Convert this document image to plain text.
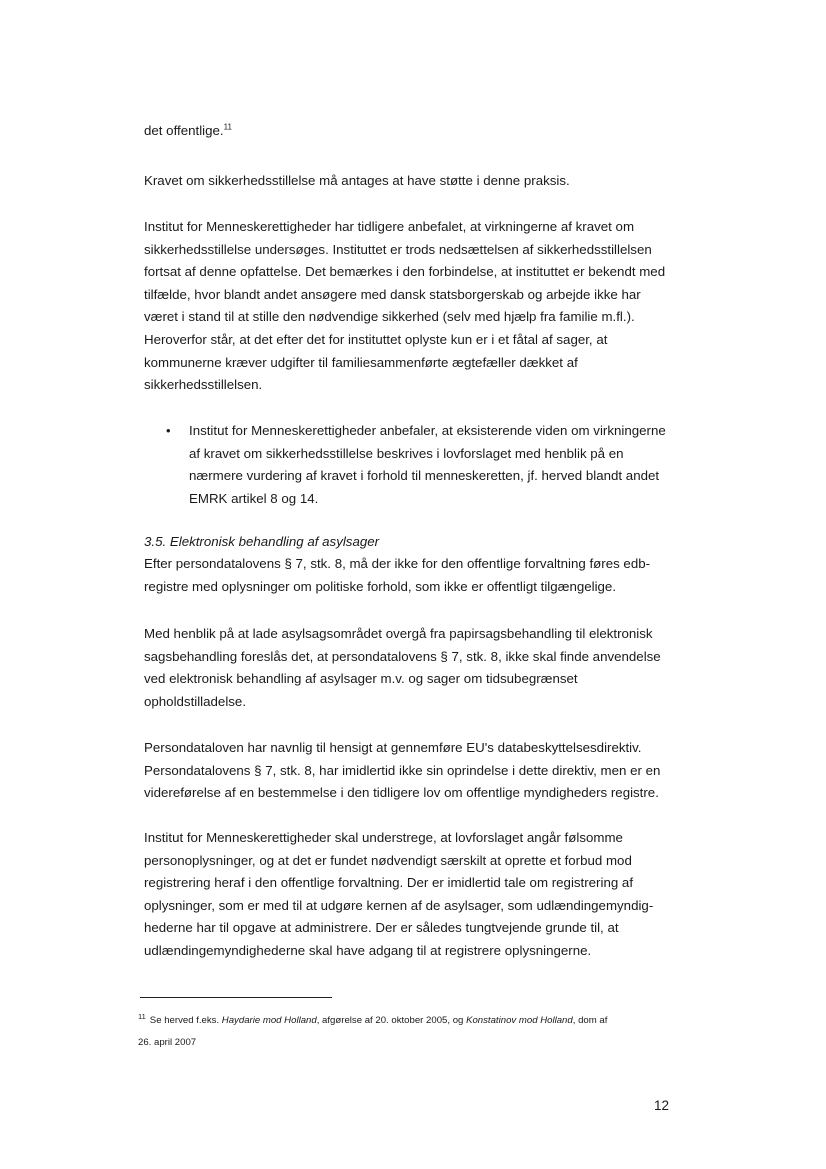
det offentlige.$^{11}$

Kravet om sikkerhedsstillelse må antages at have støtte i denne praksis.

Institut for Menneskerettigheder har tidligere anbefalet, at virkningerne af kravet om
sikkerhedsstillelse undersøges. Instituttet er trods nedsættelsen af sikkerhedsstillelsen
fortsat af denne opfattelse. Det bemærkes i den forbindelse, at instituttet er bekendt med
tilfælde, hvor blandt andet ansøgere med dansk statsborgerskab og arbejde ikke har
været i stand til at stille den nødvendige sikkerhed (selv med hjælp fra familie m.fl.).
Heroverfor står, at det efter det for instituttet oplyste kun er i et fåtal af sager, at
kommunerne kræver udgifter til familiesammenførte ægtefæller dækket af
sikkerhedsstillelsen.

• Institut for Menneskerettigheder anbefaler, at eksisterende viden om virkningerne
af kravet om sikkerhedsstillelse beskrives i lovforslaget med henblik på en
nærmere vurdering af kravet i forhold til menneskeretten, jf. herved blandt andet
EMRK artikel 8 og 14.

3.5. Elektronisk behandling af asylsager

Efter persondatalovens § 7, stk. 8, må der ikke for den offentlige forvaltning føres edb-
registre med oplysninger om politiske forhold, som ikke er offentligt tilgængelige.

Med henblik på at lade asylsagsområdet overgå fra papirsagsbehandling til elektronisk
sagsbehandling foreslås det, at persondatalovens § 7, stk. 8, ikke skal finde anvendelse
ved elektronisk behandling af asylsager m.v. og sager om tidsubegrænset
opholdstilladelse.

Persondataloven har navnlig til hensigt at gennemføre EU's databeskyttelsesdirektiv.
Persondatalovens § 7, stk. 8, har imidlertid ikke sin oprindelse i dette direktiv, men er en
videreførelse af en bestemmelse i den tidligere lov om offentlige myndigheders registre.

Institut for Menneskerettigheder skal understrege, at lovforslaget angår følsomme
personoplysninger, og at det er fundet nødvendigt særskilt at oprette et forbud mod
registrering heraf i den offentlige forvaltning. Der er imidlertid tale om registrering af
oplysninger, som er med til at udgøre kernen af de asylsager, som udlændingemyndig-
hederne har til opgave at administrere. Der er således tungtvejende grunde til, at
udlændingemyndighederne skal have adgang til at registrere oplysningerne.

$^{11}$ Se herved f.eks. Haydarie mod Holland, afgørelse af 20. oktober 2005, og Konstatinov mod Holland, dom af
26. april 2007

12
